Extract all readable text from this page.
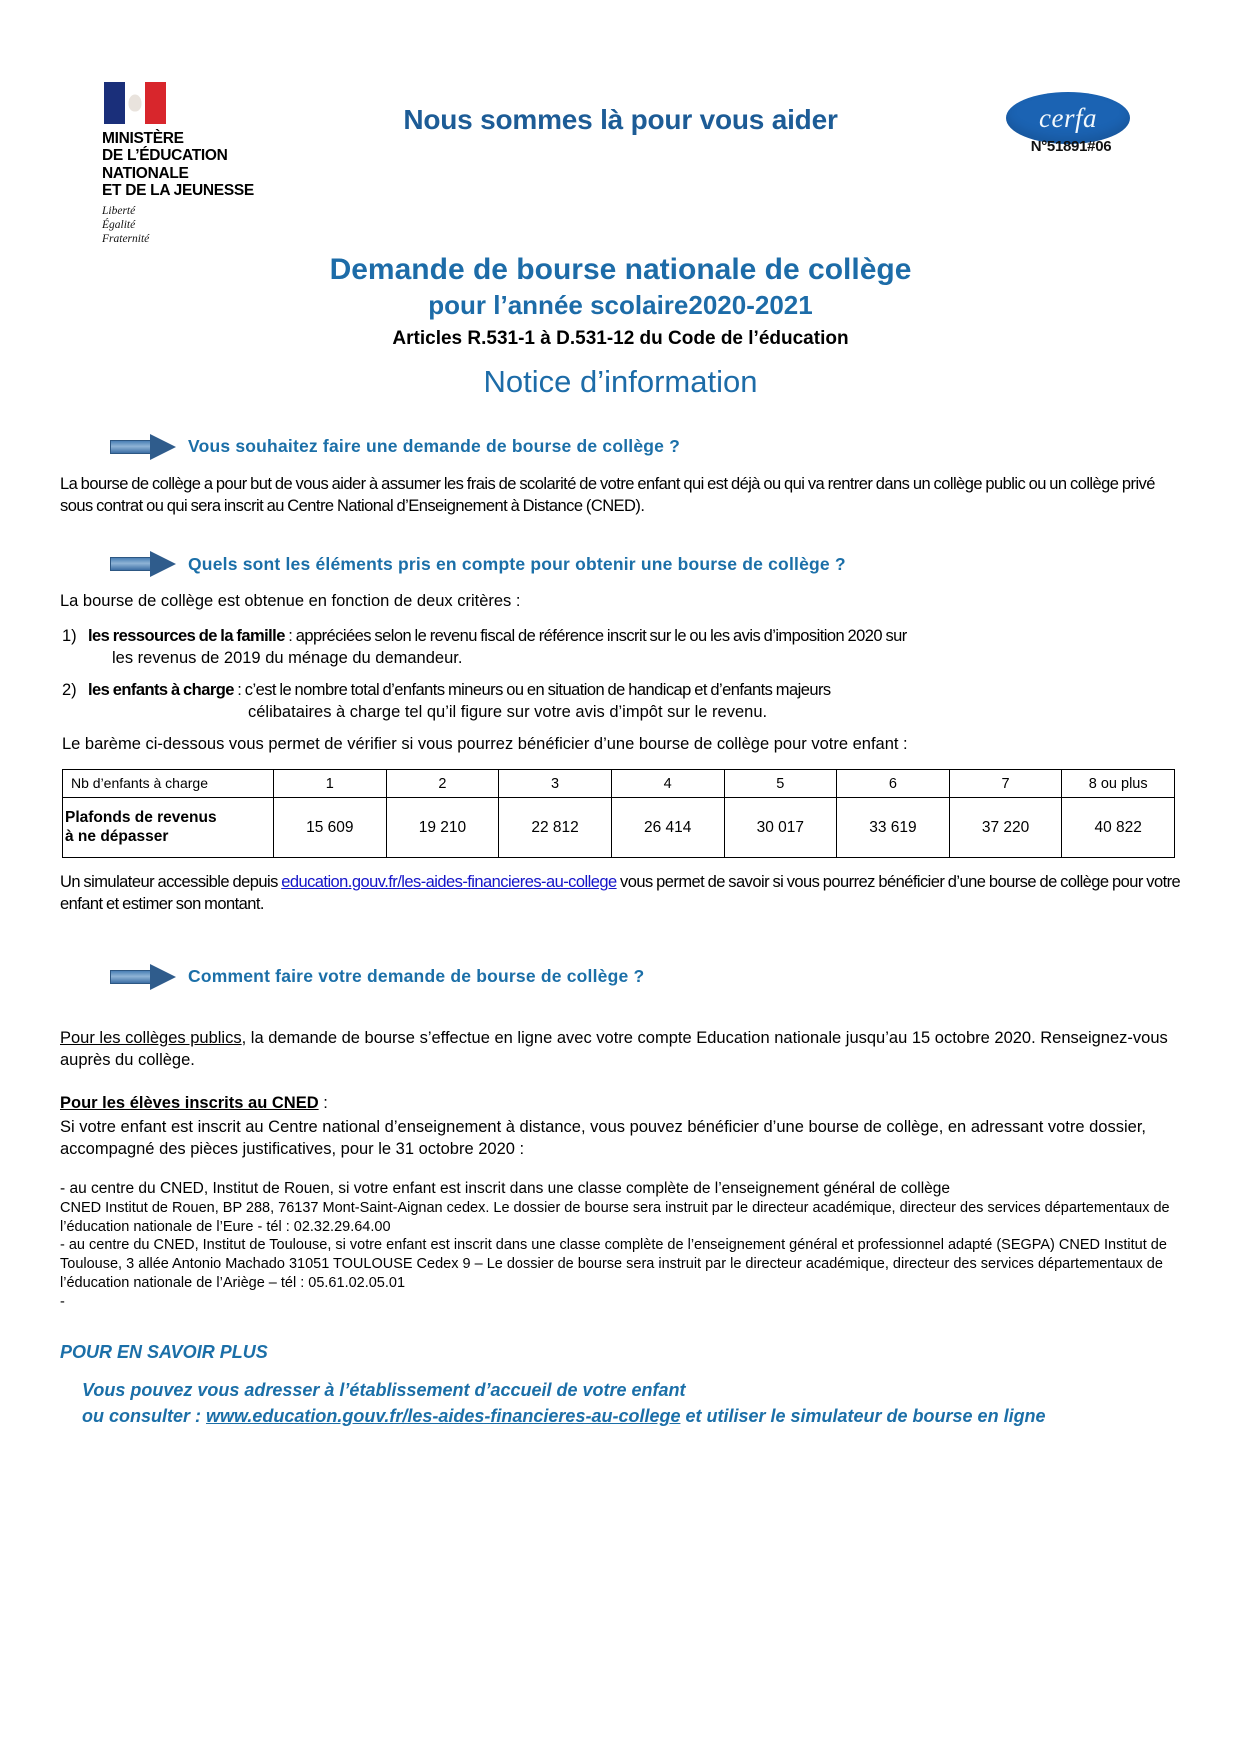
MINISTÈRE
DE L’ÉDUCATION
NATIONALE
ET DE LA JEUNESSE
Liberté
Égalité
Fraternité
Nous sommes là pour vous aider	cerfa
N°51891#06
Demande de bourse nationale de collège
pour l’année scolaire2020-2021
Articles R.531-1 à D.531-12 du Code de l’éducation
Notice d’information
Vous souhaitez faire une demande de bourse de collège ?
La bourse de collège a pour but de vous aider à assumer les frais de scolarité de votre enfant qui est déjà ou qui va rentrer dans un collège public ou un collège privé sous contrat ou qui sera inscrit au Centre National d’Enseignement à Distance (CNED).
Quels sont les éléments pris en compte pour obtenir une bourse de collège ?
La bourse de collège est obtenue en fonction de deux critères :
1) les ressources de la famille : appréciées selon le revenu fiscal de référence inscrit sur le ou les avis d’imposition 2020 sur
les revenus de 2019 du ménage du demandeur.
2) les enfants à charge : c’est le nombre total d’enfants mineurs ou en situation de handicap et d’enfants majeurs
célibataires à charge tel qu’il figure sur votre avis d’impôt sur le revenu.
Le barème ci-dessous vous permet de vérifier si vous pourrez bénéficier d’une bourse de collège pour votre enfant :
Nb d’enfants à charge	1	2	3	4	5	6	7	8 ou plus
Plafonds de revenus
à ne dépasser	15 609	19 210	22 812	26 414	30 017	33 619	37 220	40 822
Un simulateur accessible depuis education.gouv.fr/les-aides-financieres-au-college vous permet de savoir si vous pourrez bénéficier d’une bourse de collège pour votre enfant et estimer son montant.
Comment faire votre demande de bourse de collège ?
Pour les collèges publics, la demande de bourse s’effectue en ligne avec votre compte Education nationale jusqu’au 15 octobre 2020. Renseignez-vous auprès du collège.
Pour les élèves inscrits au CNED :
Si votre enfant est inscrit au Centre national d’enseignement à distance, vous pouvez bénéficier d’une bourse de collège, en adressant votre dossier, accompagné des pièces justificatives, pour le 31 octobre 2020 :
- au centre du CNED, Institut de Rouen, si votre enfant est inscrit dans une classe complète de l’enseignement général de collège
CNED Institut de Rouen, BP 288, 76137 Mont-Saint-Aignan cedex. Le dossier de bourse sera instruit par le directeur académique, directeur des services départementaux de l’éducation nationale de l’Eure - tél : 02.32.29.64.00
- au centre du CNED, Institut de Toulouse, si votre enfant est inscrit dans une classe complète de l’enseignement général et professionnel adapté (SEGPA) CNED Institut de Toulouse, 3 allée Antonio Machado 31051 TOULOUSE Cedex 9 – Le dossier de bourse sera instruit par le directeur académique, directeur des services départementaux de l’éducation nationale de l’Ariège – tél : 05.61.02.05.01
-
POUR EN SAVOIR PLUS
Vous pouvez vous adresser à l’établissement d’accueil de votre enfant
ou consulter : www.education.gouv.fr/les-aides-financieres-au-college et utiliser le simulateur de bourse en ligne
